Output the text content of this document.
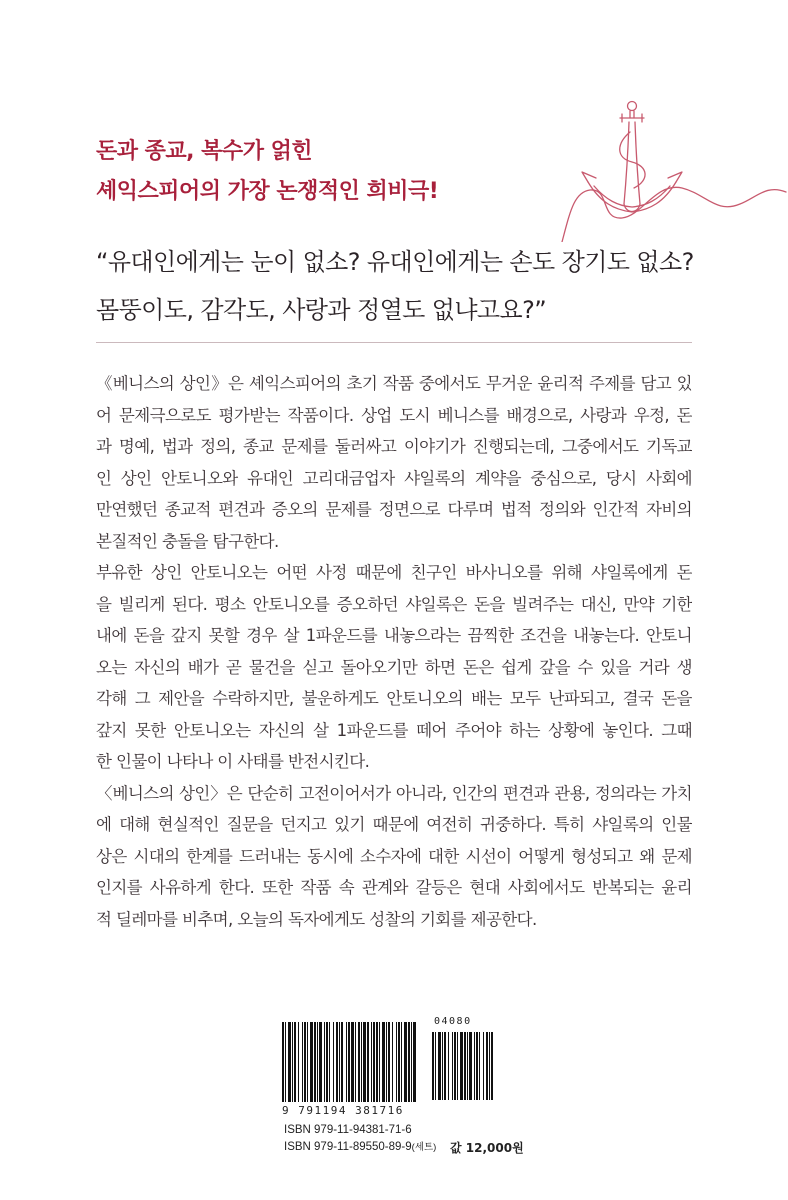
돈과 종교, 복수가 얽힌
셰익스피어의 가장 논쟁적인 희비극!
“유대인에게는 눈이 없소? 유대인에게는 손도 장기도 없소?
몸뚱이도, 감각도, 사랑과 정열도 없냐고요?”
《베니스의 상인》은 셰익스피어의 초기 작품 중에서도 무거운 윤리적 주제를 담고 있
어 문제극으로도 평가받는 작품이다. 상업 도시 베니스를 배경으로, 사랑과 우정, 돈
과 명예, 법과 정의, 종교 문제를 둘러싸고 이야기가 진행되는데, 그중에서도 기독교
인 상인 안토니오와 유대인 고리대금업자 샤일록의 계약을 중심으로, 당시 사회에
만연했던 종교적 편견과 증오의 문제를 정면으로 다루며 법적 정의와 인간적 자비의
본질적인 충돌을 탐구한다.
부유한 상인 안토니오는 어떤 사정 때문에 친구인 바사니오를 위해 샤일록에게 돈
을 빌리게 된다. 평소 안토니오를 증오하던 샤일록은 돈을 빌려주는 대신, 만약 기한
내에 돈을 갚지 못할 경우 살 1파운드를 내놓으라는 끔찍한 조건을 내놓는다. 안토니
오는 자신의 배가 곧 물건을 싣고 돌아오기만 하면 돈은 쉽게 갚을 수 있을 거라 생
각해 그 제안을 수락하지만, 불운하게도 안토니오의 배는 모두 난파되고, 결국 돈을
갚지 못한 안토니오는 자신의 살 1파운드를 떼어 주어야 하는 상황에 놓인다. 그때
한 인물이 나타나 이 사태를 반전시킨다.
〈베니스의 상인〉은 단순히 고전이어서가 아니라, 인간의 편견과 관용, 정의라는 가치
에 대해 현실적인 질문을 던지고 있기 때문에 여전히 귀중하다. 특히 샤일록의 인물
상은 시대의 한계를 드러내는 동시에 소수자에 대한 시선이 어떻게 형성되고 왜 문제
인지를 사유하게 한다. 또한 작품 속 관계와 갈등은 현대 사회에서도 반복되는 윤리
적 딜레마를 비추며, 오늘의 독자에게도 성찰의 기회를 제공한다.
04080
9 791194 381716
ISBN 979-11-94381-71-6
ISBN 979-11-89550-89-9(세트) 값 12,000원
